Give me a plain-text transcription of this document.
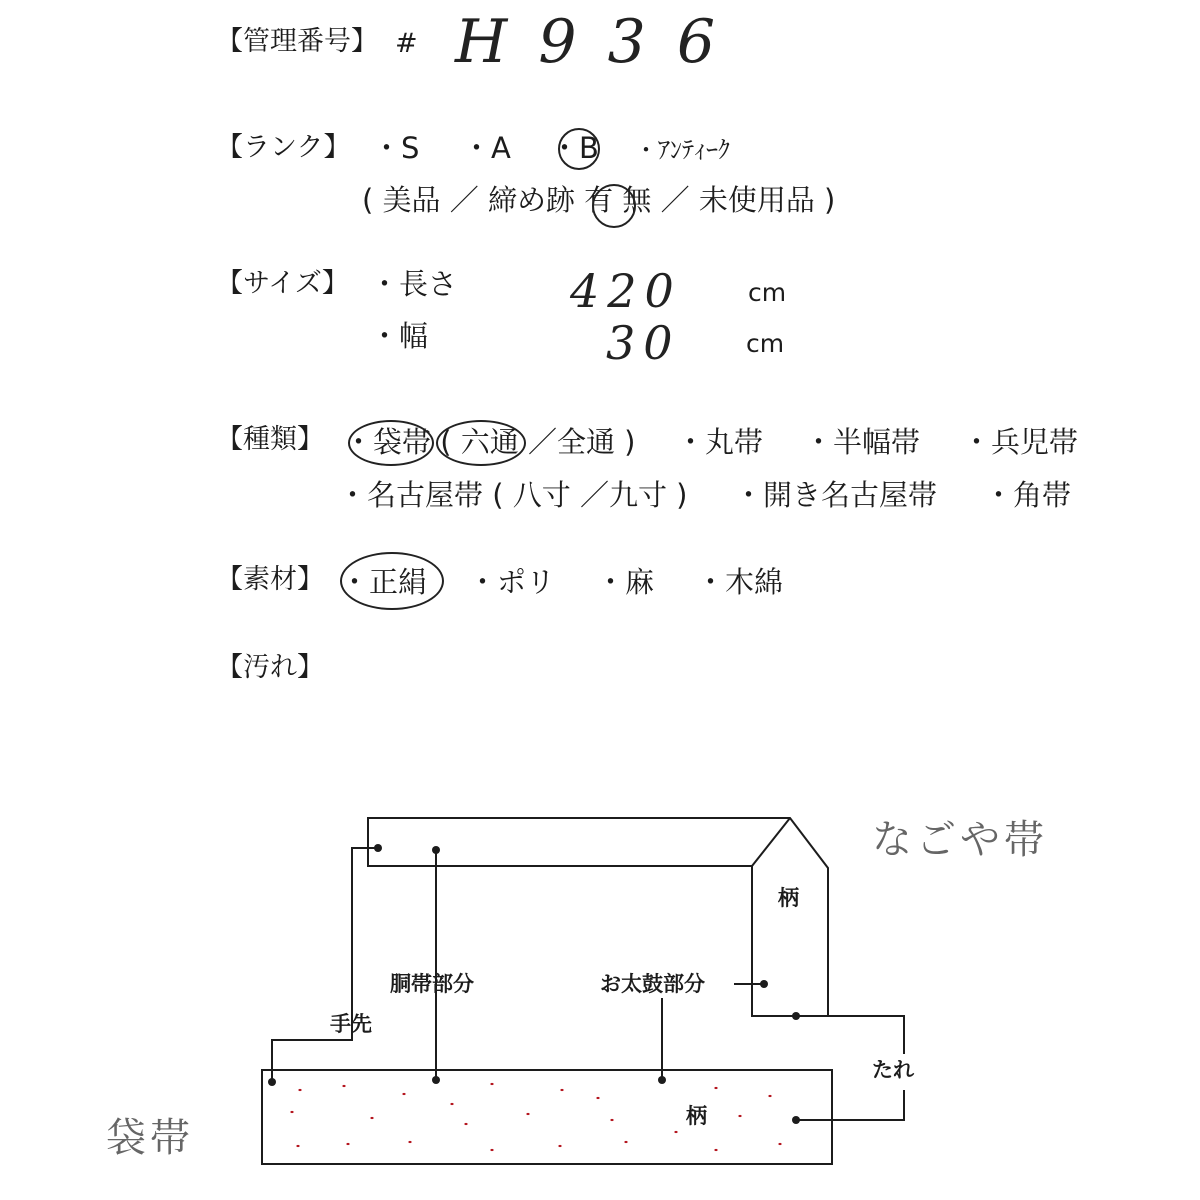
【管理番号】 # H 9 3 6
【ランク】 ・S ・A ・B ・ｱﾝﾃｨｰｸ
( 美品 ／ 締め跡 有 無 ／ 未使用品 )
【サイズ】 ・長さ 420	cm
・幅	30	cm
【種類】 ・袋帯 ( 六通 ／全通 ) ・丸帯 ・半幅帯 ・兵児帯
・名古屋帯 ( 八寸 ／九寸 ) ・開き名古屋帯 ・角帯
【素材】 ・正絹 ・ポリ ・麻 ・木綿
【汚れ】
柄
胴帯部分	お太鼓部分
手先
たれ
柄
なごや帯
袋帯
